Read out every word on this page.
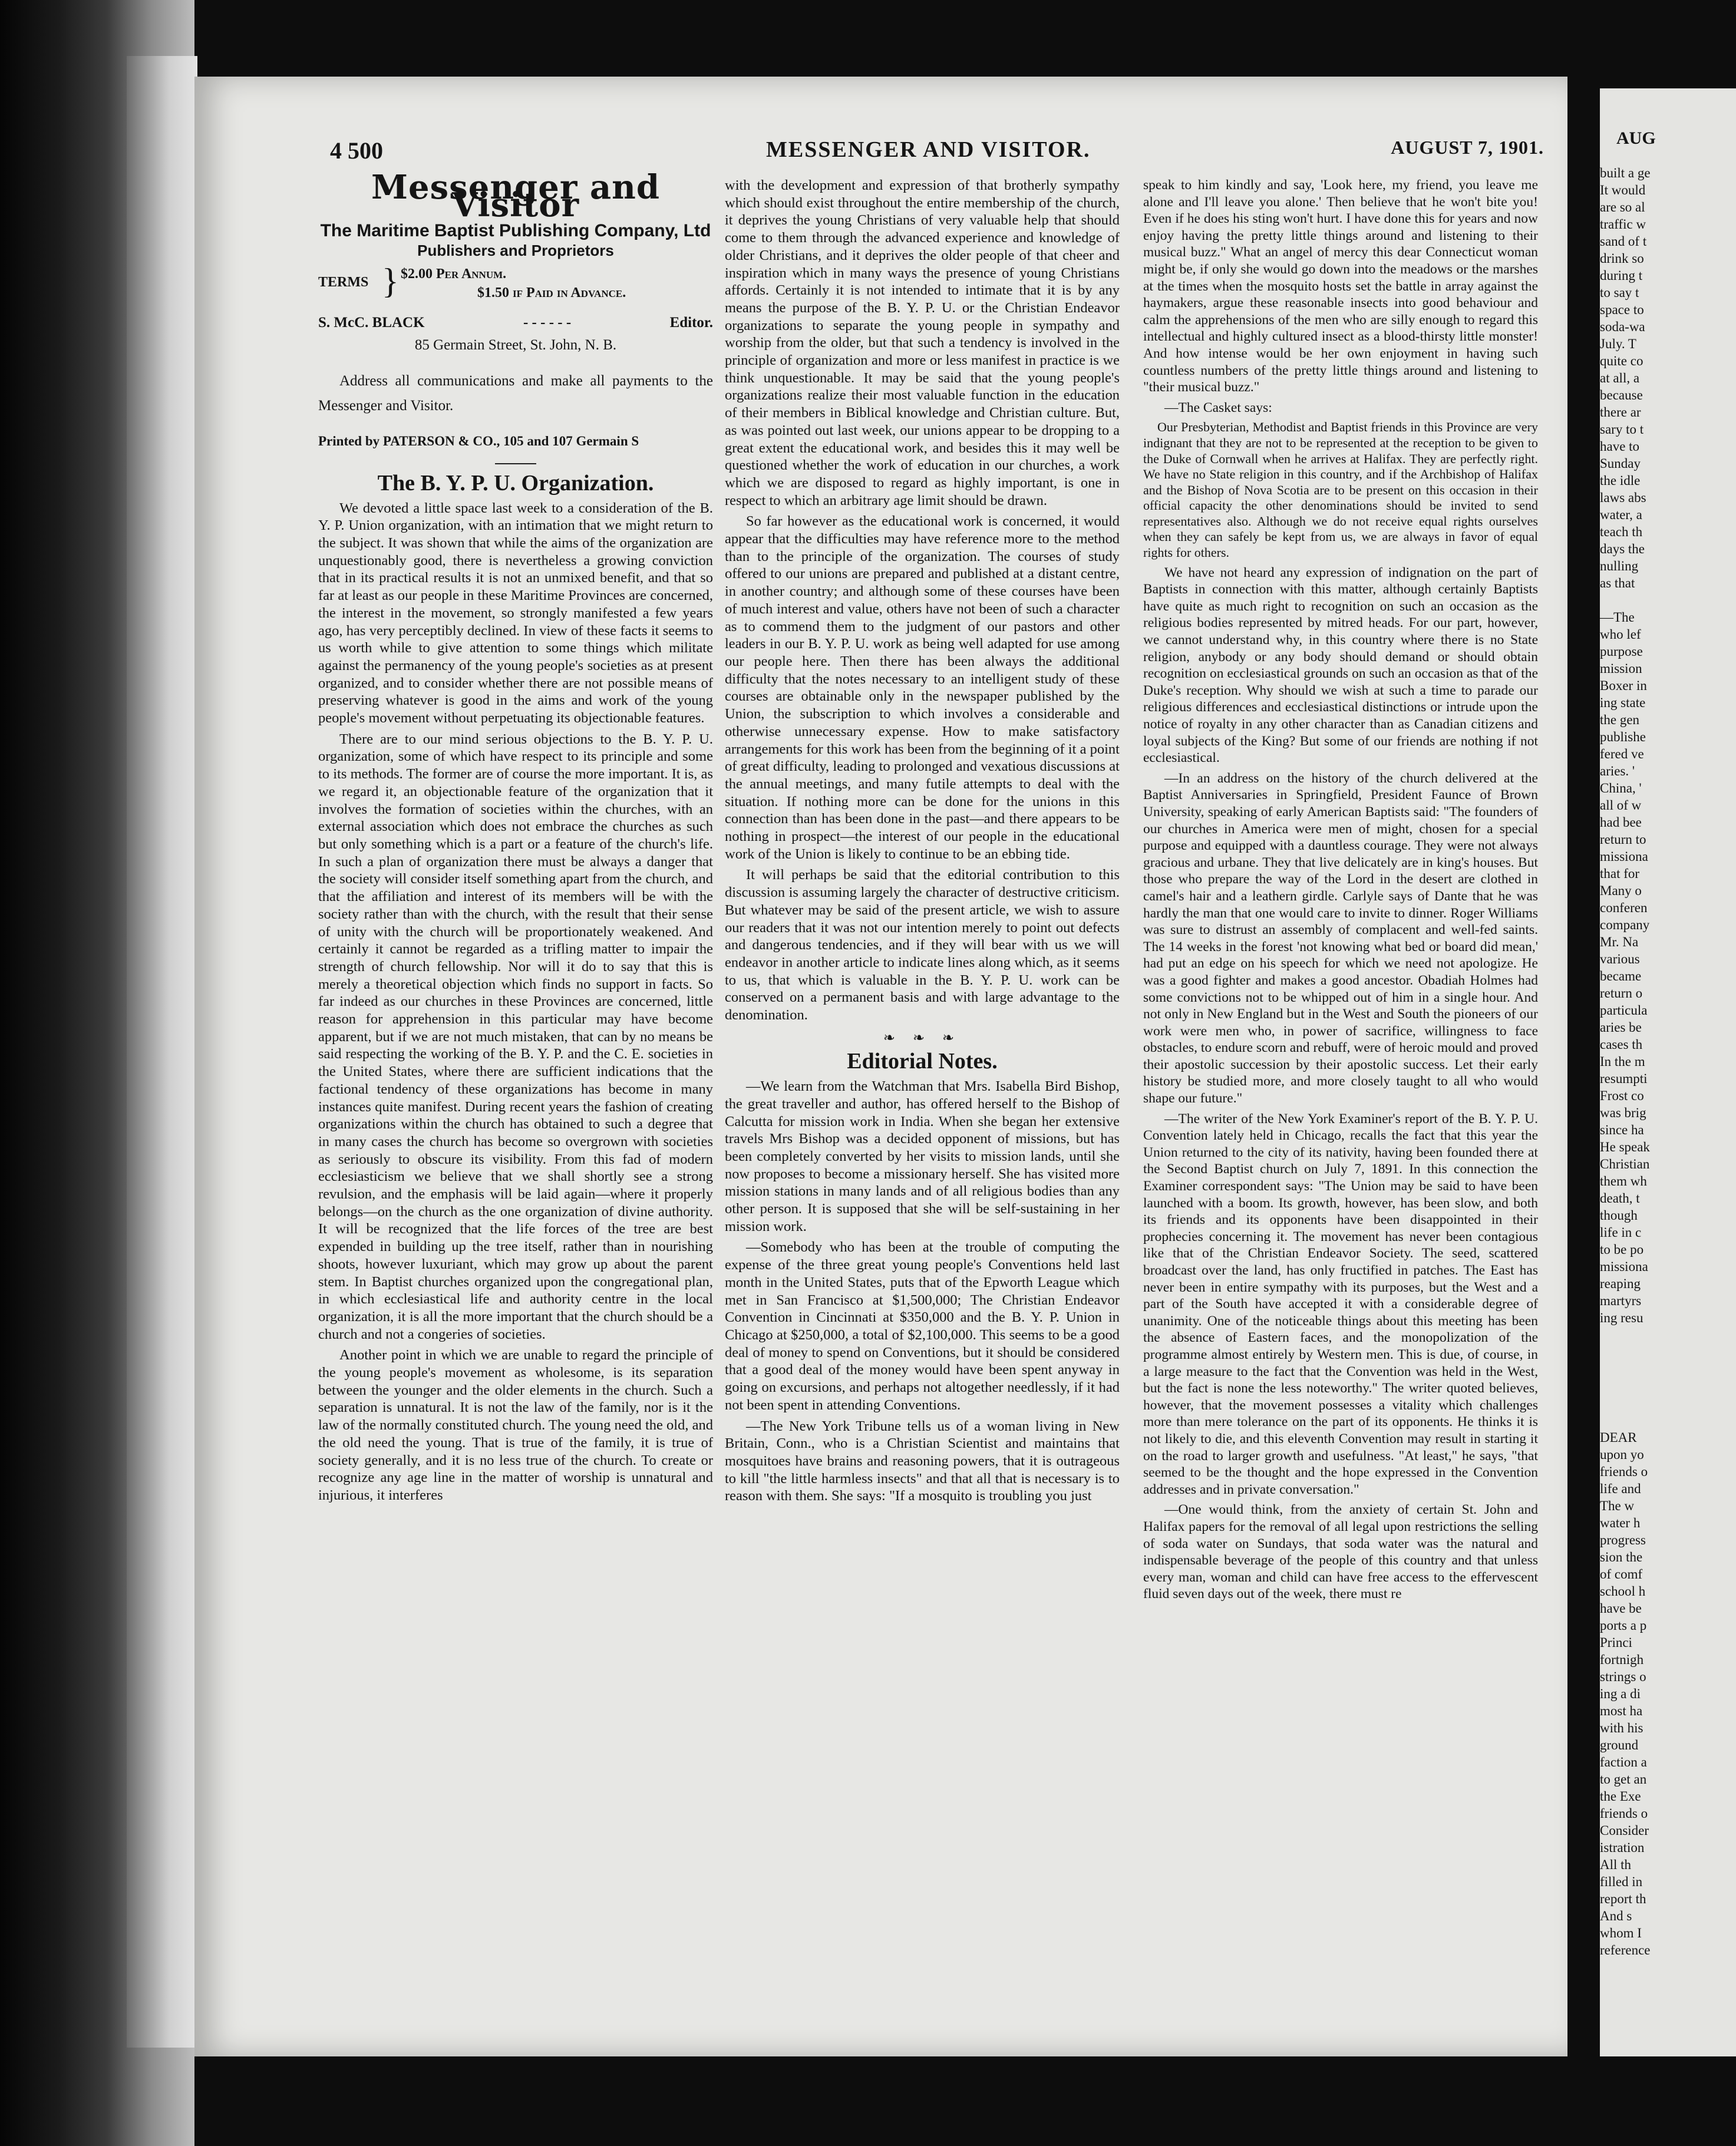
AUG
built a ge
It would
are so al
traffic w
sand of t
drink so
during t
to say t
space to
soda-wa
July. T
quite co
at all, a
because
there ar
sary to t
have to
Sunday
the idle
laws abs
water, a
teach th
days the
nulling
as that
—The
who lef
purpose
mission
Boxer in
ing state
the gen
publishe
fered ve
aries. '
China, '
all of w
had bee
return to
missiona
that for
Many o
conferen
company
Mr. Na
various
became
return o
particula
aries be
cases th
In the m
resumpti
Frost co
was brig
since ha
He speak
Christian
them wh
death, t
though
life in c
to be po
missiona
reaping
martyrs
ing resu
DEAR
upon yo
friends o
life and
The w
water h
progress
sion the
of comf
school h
have be
ports a p
Princi
fortnigh
strings o
ing a di
most ha
with his
ground
faction a
to get an
the Exe
friends o
Consider
istration
All th
filled in
report th
And s
whom I
reference
4 500	MESSENGER AND VISITOR.	AUGUST 7, 1901.
Messenger and Visitor
The Maritime Baptist Publishing Company, Ltd
Publishers and Proprietors
TERMS } $2.00 Per Annum.
$1.50 if Paid in Advance.
S. McC. BLACK	- - - - - -	Editor.
85 Germain Street, St. John, N. B.
Address all communications and make all payments to the Messenger and Visitor.
Printed by PATERSON & CO., 105 and 107 Germain S
The B. Y. P. U. Organization.

We devoted a little space last week to a consideration of the B. Y. P. Union organization, with an intimation that we might return to the subject. It was shown that while the aims of the organization are unquestionably good, there is nevertheless a growing conviction that in its practical results it is not an unmixed benefit, and that so far at least as our people in these Maritime Provinces are concerned, the interest in the movement, so strongly manifested a few years ago, has very perceptibly declined. In view of these facts it seems to us worth while to give attention to some things which militate against the permanency of the young people's societies as at present organized, and to consider whether there are not possible means of preserving whatever is good in the aims and work of the young people's movement without perpetuating its objectionable features.

There are to our mind serious objections to the B. Y. P. U. organization, some of which have respect to its principle and some to its methods. The former are of course the more important. It is, as we regard it, an objectionable feature of the organization that it involves the formation of societies within the churches, with an external association which does not embrace the churches as such but only something which is a part or a feature of the church's life. In such a plan of organization there must be always a danger that the society will consider itself something apart from the church, and that the affiliation and interest of its members will be with the society rather than with the church, with the result that their sense of unity with the church will be proportionately weakened. And certainly it cannot be regarded as a trifling matter to impair the strength of church fellowship. Nor will it do to say that this is merely a theoretical objection which finds no support in facts. So far indeed as our churches in these Provinces are concerned, little reason for apprehension in this particular may have become apparent, but if we are not much mistaken, that can by no means be said respecting the working of the B. Y. P. and the C. E. societies in the United States, where there are sufficient indications that the factional tendency of these organizations has become in many instances quite manifest. During recent years the fashion of creating organizations within the church has obtained to such a degree that in many cases the church has become so overgrown with societies as seriously to obscure its visibility. From this fad of modern ecclesiasticism we believe that we shall shortly see a strong revulsion, and the emphasis will be laid again—where it properly belongs—on the church as the one organization of divine authority. It will be recognized that the life forces of the tree are best expended in building up the tree itself, rather than in nourishing shoots, however luxuriant, which may grow up about the parent stem. In Baptist churches organized upon the congregational plan, in which ecclesiastical life and authority centre in the local organization, it is all the more important that the church should be a church and not a congeries of societies.

Another point in which we are unable to regard the principle of the young people's movement as wholesome, is its separation between the younger and the older elements in the church. Such a separation is unnatural. It is not the law of the family, nor is it the law of the normally constituted church. The young need the old, and the old need the young. That is true of the family, it is true of society generally, and it is no less true of the church. To create or recognize any age line in the matter of worship is unnatural and injurious, it interferes

with the development and expression of that brotherly sympathy which should exist throughout the entire membership of the church, it deprives the young Christians of very valuable help that should come to them through the advanced experience and knowledge of older Christians, and it deprives the older people of that cheer and inspiration which in many ways the presence of young Christians affords. Certainly it is not intended to intimate that it is by any means the purpose of the B. Y. P. U. or the Christian Endeavor organizations to separate the young people in sympathy and worship from the older, but that such a tendency is involved in the principle of organization and more or less manifest in practice is we think unquestionable. It may be said that the young people's organizations realize their most valuable function in the education of their members in Biblical knowledge and Christian culture. But, as was pointed out last week, our unions appear to be dropping to a great extent the educational work, and besides this it may well be questioned whether the work of education in our churches, a work which we are disposed to regard as highly important, is one in respect to which an arbitrary age limit should be drawn.

So far however as the educational work is concerned, it would appear that the difficulties may have reference more to the method than to the principle of the organization. The courses of study offered to our unions are prepared and published at a distant centre, in another country; and although some of these courses have been of much interest and value, others have not been of such a character as to commend them to the judgment of our pastors and other leaders in our B. Y. P. U. work as being well adapted for use among our people here. Then there has been always the additional difficulty that the notes necessary to an intelligent study of these courses are obtainable only in the newspaper published by the Union, the subscription to which involves a considerable and otherwise unnecessary expense. How to make satisfactory arrangements for this work has been from the beginning of it a point of great difficulty, leading to prolonged and vexatious discussions at the annual meetings, and many futile attempts to deal with the situation. If nothing more can be done for the unions in this connection than has been done in the past—and there appears to be nothing in prospect—the interest of our people in the educational work of the Union is likely to continue to be an ebbing tide.

It will perhaps be said that the editorial contribution to this discussion is assuming largely the character of destructive criticism. But whatever may be said of the present article, we wish to assure our readers that it was not our intention merely to point out defects and dangerous tendencies, and if they will bear with us we will endeavor in another article to indicate lines along which, as it seems to us, that which is valuable in the B. Y. P. U. work can be conserved on a permanent basis and with large advantage to the denomination.

❧ ❧ ❧
Editorial Notes.

—We learn from the Watchman that Mrs. Isabella Bird Bishop, the great traveller and author, has offered herself to the Bishop of Calcutta for mission work in India. When she began her extensive travels Mrs Bishop was a decided opponent of missions, but has been completely converted by her visits to mission lands, until she now proposes to become a missionary herself. She has visited more mission stations in many lands and of all religious bodies than any other person. It is supposed that she will be self-sustaining in her mission work.

—Somebody who has been at the trouble of computing the expense of the three great young people's Conventions held last month in the United States, puts that of the Epworth League which met in San Francisco at $1,500,000; The Christian Endeavor Convention in Cincinnati at $350,000 and the B. Y. P. Union in Chicago at $250,000, a total of $2,100,000. This seems to be a good deal of money to spend on Conventions, but it should be considered that a good deal of the money would have been spent anyway in going on excursions, and perhaps not altogether needlessly, if it had not been spent in attending Conventions.

—The New York Tribune tells us of a woman living in New Britain, Conn., who is a Christian Scientist and maintains that mosquitoes have brains and reasoning powers, that it is outrageous to kill "the little harmless insects" and that all that is necessary is to reason with them. She says: "If a mosquito is troubling you just

speak to him kindly and say, 'Look here, my friend, you leave me alone and I'll leave you alone.' Then believe that he won't bite you! Even if he does his sting won't hurt. I have done this for years and now enjoy having the pretty little things around and listening to their musical buzz." What an angel of mercy this dear Connecticut woman might be, if only she would go down into the meadows or the marshes at the times when the mosquito hosts set the battle in array against the haymakers, argue these reasonable insects into good behaviour and calm the apprehensions of the men who are silly enough to regard this intellectual and highly cultured insect as a blood-thirsty little monster! And how intense would be her own enjoyment in having such countless numbers of the pretty little things around and listening to "their musical buzz."

—The Casket says:

Our Presbyterian, Methodist and Baptist friends in this Province are very indignant that they are not to be represented at the reception to be given to the Duke of Cornwall when he arrives at Halifax. They are perfectly right. We have no State religion in this country, and if the Archbishop of Halifax and the Bishop of Nova Scotia are to be present on this occasion in their official capacity the other denominations should be invited to send representatives also. Although we do not receive equal rights ourselves when they can safely be kept from us, we are always in favor of equal rights for others.

We have not heard any expression of indignation on the part of Baptists in connection with this matter, although certainly Baptists have quite as much right to recognition on such an occasion as the religious bodies represented by mitred heads. For our part, however, we cannot understand why, in this country where there is no State religion, anybody or any body should demand or should obtain recognition on ecclesiastical grounds on such an occasion as that of the Duke's reception. Why should we wish at such a time to parade our religious differences and ecclesiastical distinctions or intrude upon the notice of royalty in any other character than as Canadian citizens and loyal subjects of the King? But some of our friends are nothing if not ecclesiastical.

—In an address on the history of the church delivered at the Baptist Anniversaries in Springfield, President Faunce of Brown University, speaking of early American Baptists said: "The founders of our churches in America were men of might, chosen for a special purpose and equipped with a dauntless courage. They were not always gracious and urbane. They that live delicately are in king's houses. But those who prepare the way of the Lord in the desert are clothed in camel's hair and a leathern girdle. Carlyle says of Dante that he was hardly the man that one would care to invite to dinner. Roger Williams was sure to distrust an assembly of complacent and well-fed saints. The 14 weeks in the forest 'not knowing what bed or board did mean,' had put an edge on his speech for which we need not apologize. He was a good fighter and makes a good ancestor. Obadiah Holmes had some convictions not to be whipped out of him in a single hour. And not only in New England but in the West and South the pioneers of our work were men who, in power of sacrifice, willingness to face obstacles, to endure scorn and rebuff, were of heroic mould and proved their apostolic succession by their apostolic success. Let their early history be studied more, and more closely taught to all who would shape our future."

—The writer of the New York Examiner's report of the B. Y. P. U. Convention lately held in Chicago, recalls the fact that this year the Union returned to the city of its nativity, having been founded there at the Second Baptist church on July 7, 1891. In this connection the Examiner correspondent says: "The Union may be said to have been launched with a boom. Its growth, however, has been slow, and both its friends and its opponents have been disappointed in their prophecies concerning it. The movement has never been contagious like that of the Christian Endeavor Society. The seed, scattered broadcast over the land, has only fructified in patches. The East has never been in entire sympathy with its purposes, but the West and a part of the South have accepted it with a considerable degree of unanimity. One of the noticeable things about this meeting has been the absence of Eastern faces, and the monopolization of the programme almost entirely by Western men. This is due, of course, in a large measure to the fact that the Convention was held in the West, but the fact is none the less noteworthy." The writer quoted believes, however, that the movement possesses a vitality which challenges more than mere tolerance on the part of its opponents. He thinks it is not likely to die, and this eleventh Convention may result in starting it on the road to larger growth and usefulness. "At least," he says, "that seemed to be the thought and the hope expressed in the Convention addresses and in private conversation."

—One would think, from the anxiety of certain St. John and Halifax papers for the removal of all legal upon restrictions the selling of soda water on Sundays, that soda water was the natural and indispensable beverage of the people of this country and that unless every man, woman and child can have free access to the effervescent fluid seven days out of the week, there must re
